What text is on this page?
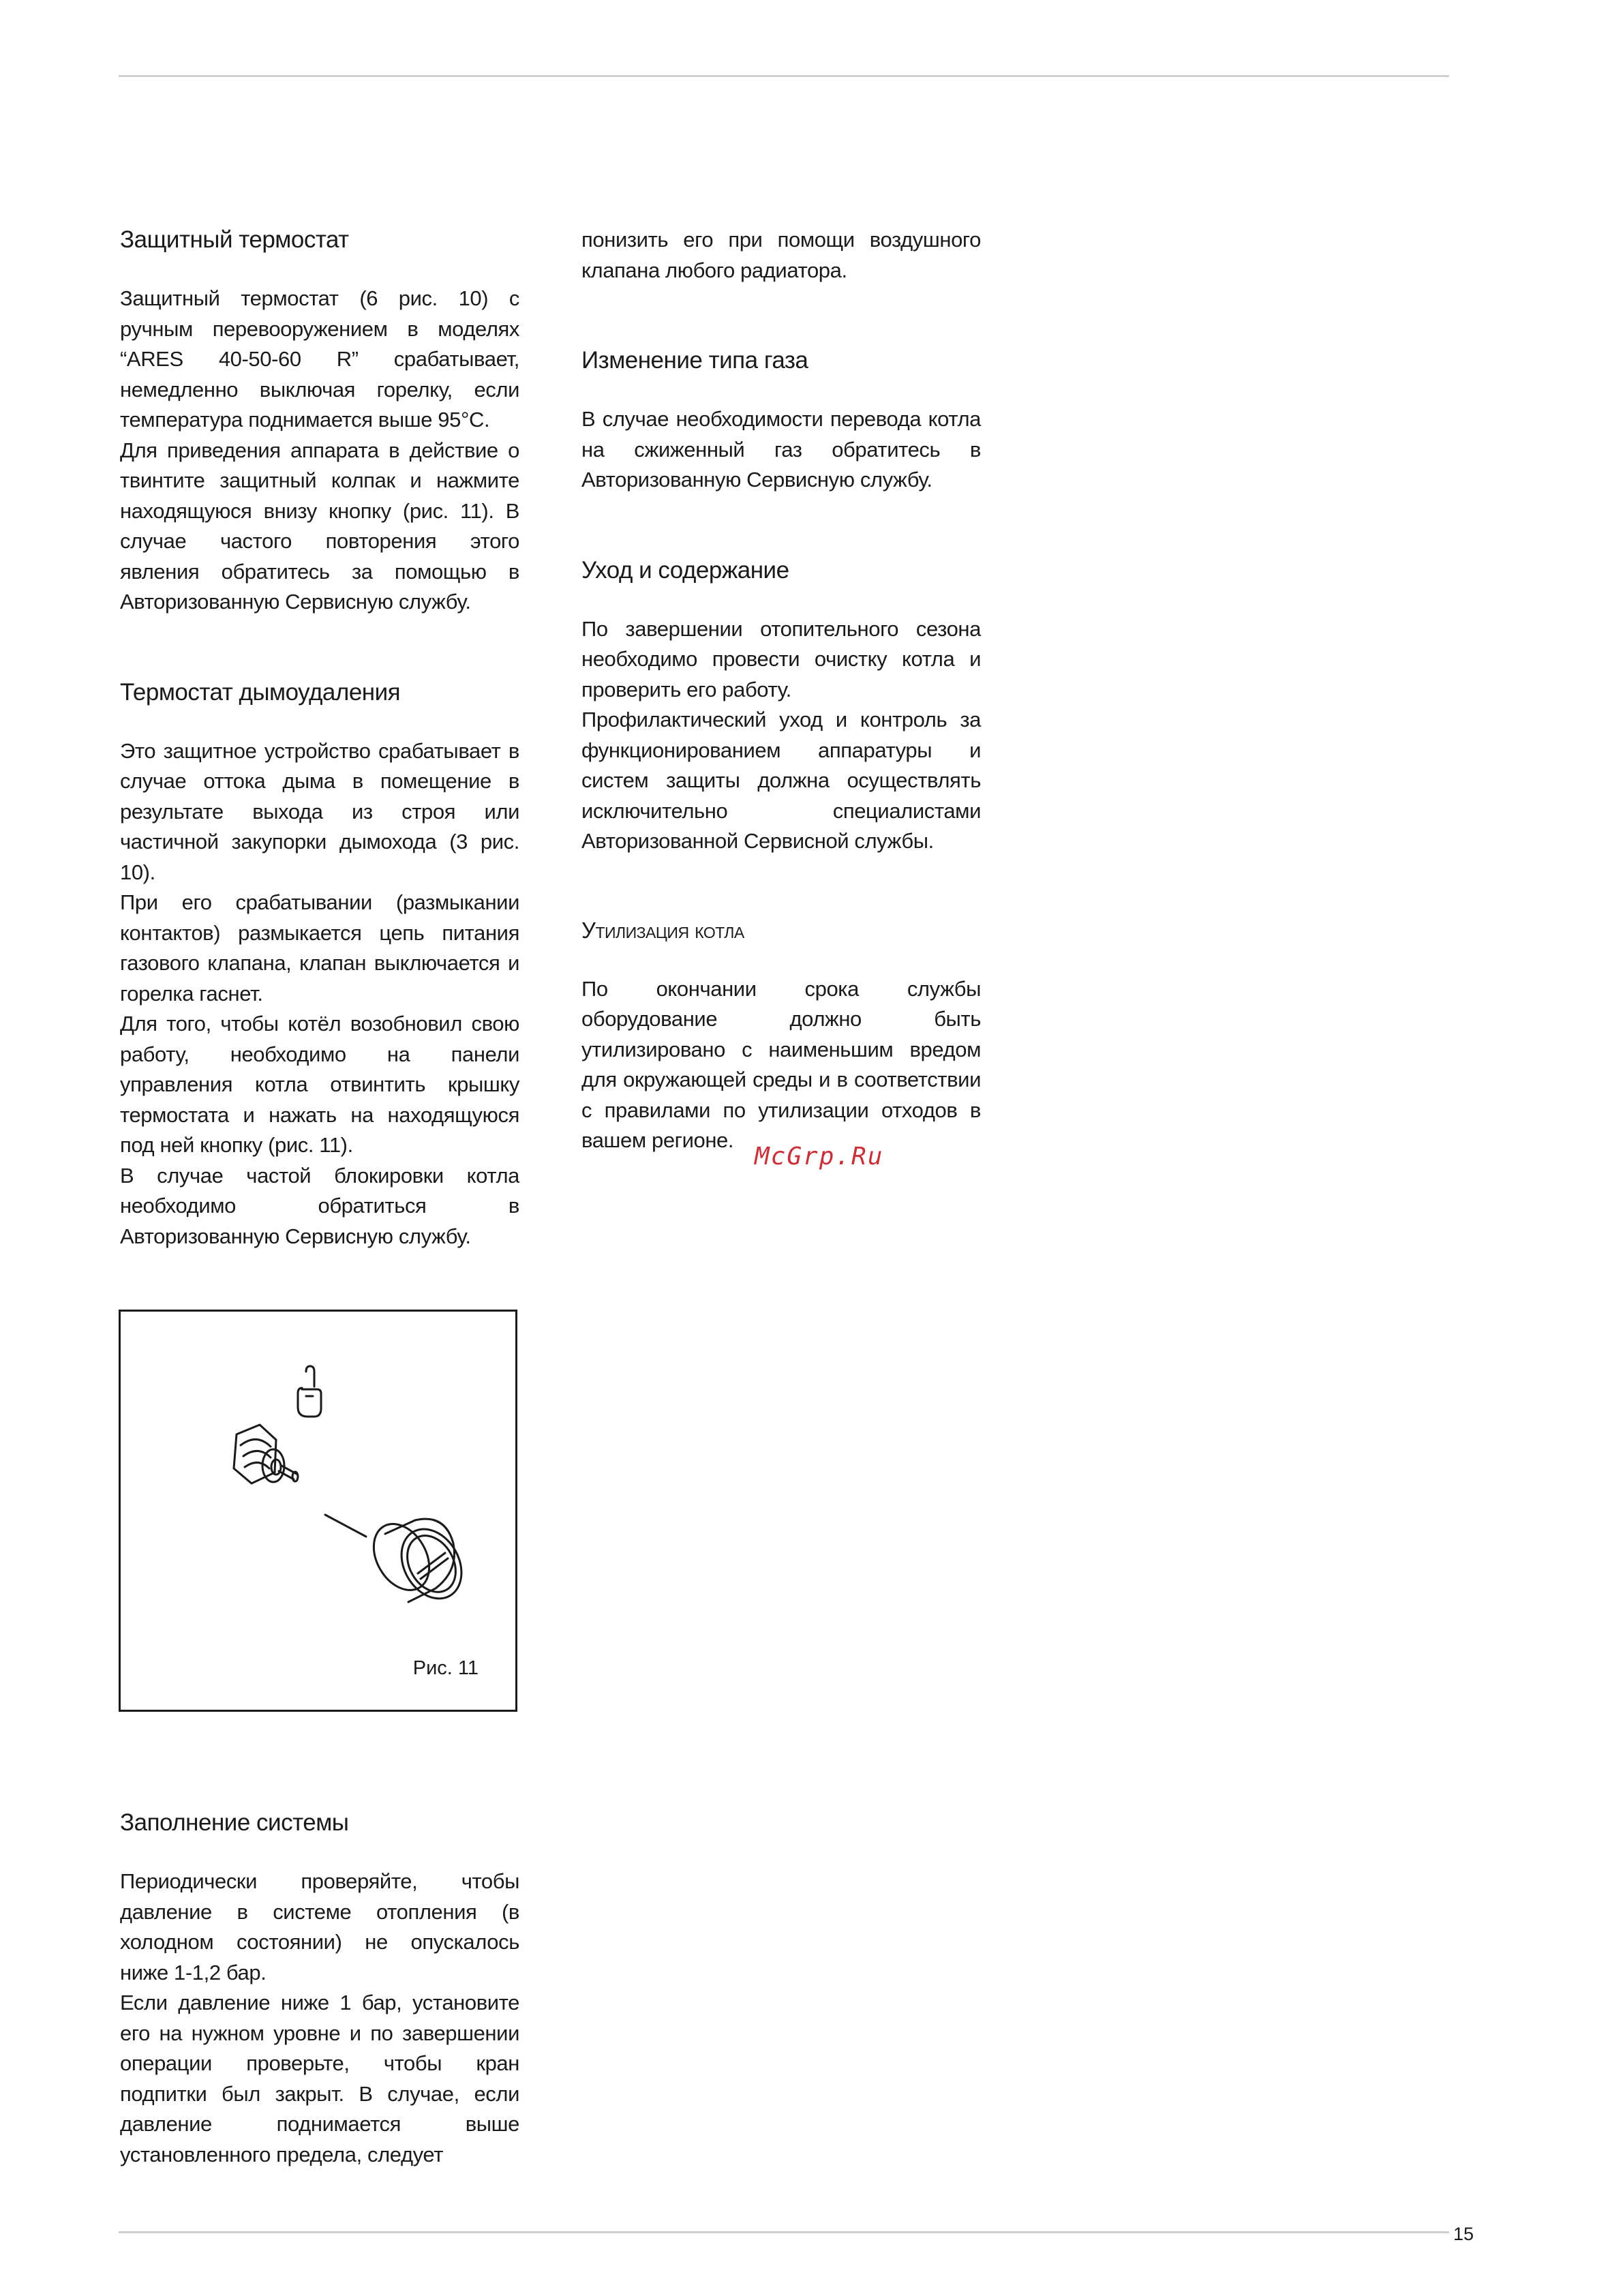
Защитный термостат

Защитный термостат (6 рис. 10) с ручным перевооружением в моделях “ARES 40-50-60 R” срабатывает, немедленно выключая горелку, если температура поднимается выше 95°C.

Для приведения аппарата в действие о твинтите защитный колпак и нажмите находящуюся внизу кнопку (рис. 11). В случае частого повторения этого явления обратитесь за помощью в Авторизованную Сервисную службу.

Термостат дымоудаления

Это защитное устройство срабатывает в случае оттока дыма в помещение в результате выхода из строя или частичной закупорки дымохода (3 рис. 10).

При его срабатывании (размыкании контактов) размыкается цепь питания газового клапана, клапан выключается и горелка гаснет.

Для того, чтобы котёл возобновил свою работу, необходимо на панели управления котла отвинтить крышку термостата и нажать на находящуюся под ней кнопку (рис. 11).

В случае частой блокировки котла необходимо обратиться в Авторизованную Сервисную службу.

Рис. 11
Заполнение системы

Периодически проверяйте, чтобы давление в системе отопления (в холодном состоянии) не опускалось ниже 1-1,2 бар.

Если давление ниже 1 бар, установите его на нужном уровне и по завершении операции проверьте, чтобы кран подпитки был закрыт. В случае, если давление поднимается выше установленного предела, следует

понизить его при помощи воздушного клапана любого радиатора.

Изменение типа газа

В случае необходимости перевода котла на сжиженный газ обратитесь в Авторизованную Сервисную службу.

Уход и содержание

По завершении отопительного сезона необходимо провести очистку котла и проверить его работу.

Профилактический уход и контроль за функционированием аппаратуры и систем защиты должна осуществлять исключительно специалистами Авторизованной Сервисной службы.

Утилизация котла

По окончании срока службы оборудование должно быть утилизировано с наименьшим вредом для окружающей среды и в соответствии с правилами по утилизации отходов в вашем регионе.

McGrp.Ru
15
